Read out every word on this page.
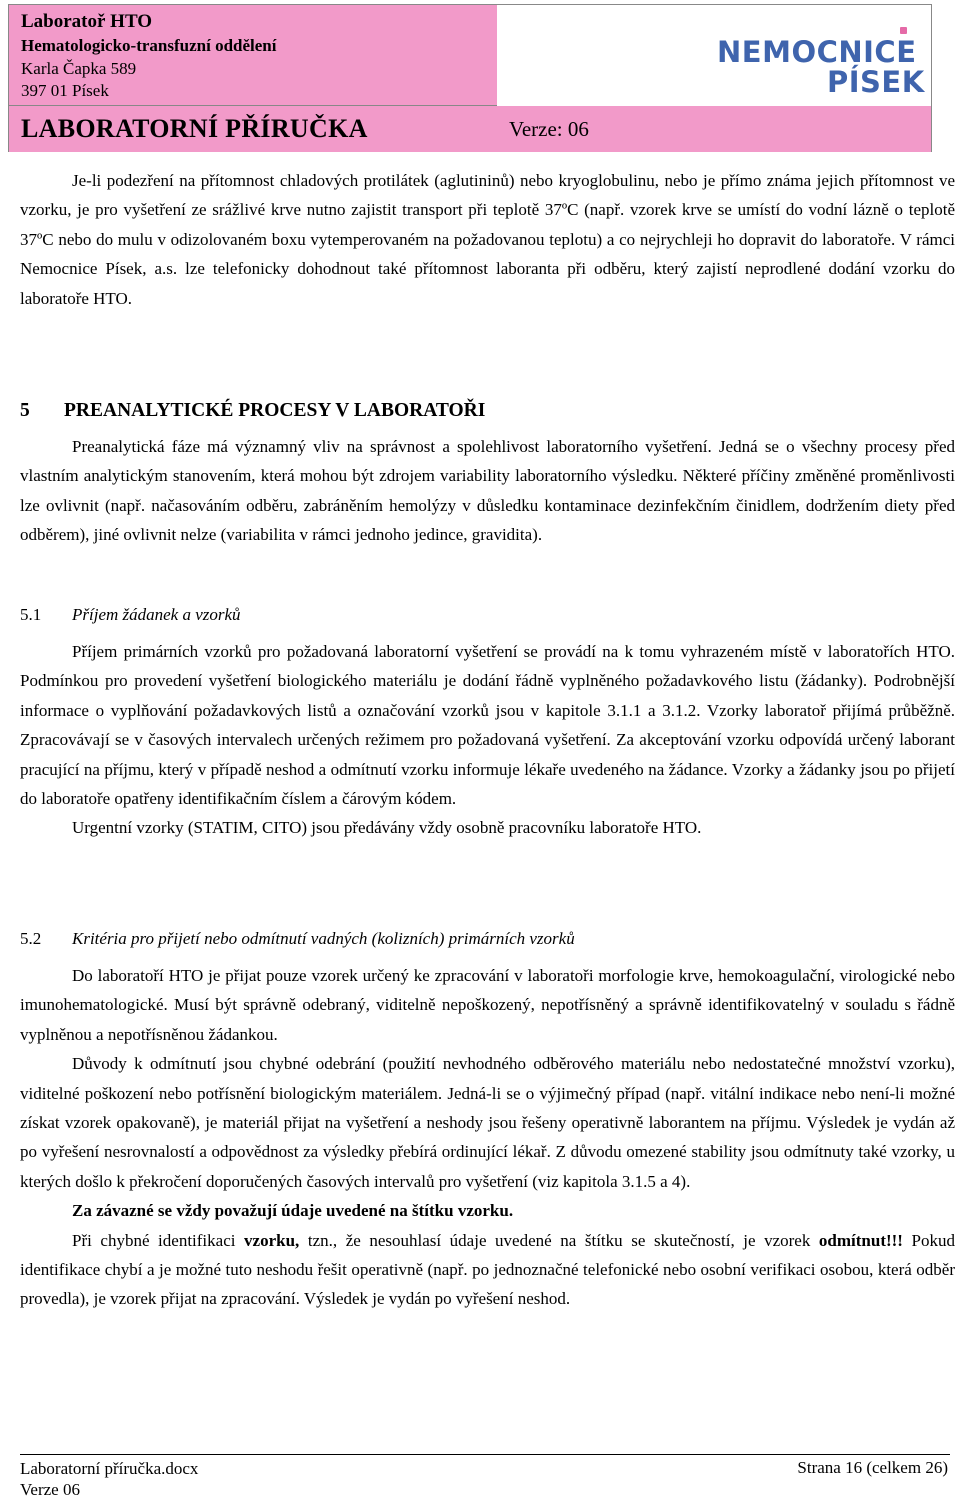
Laboratoř HTO
Hematologicko-transfuzní oddělení
Karla Čapka 589
397 01 Písek
NEMOCNICE
PÍSEK
LABORATORNÍ PŘÍRUČKA	Verze: 06

Je-li podezření na přítomnost chladových protilátek (aglutininů) nebo kryoglobulinu, nebo je přímo známa jejich přítomnost ve vzorku, je pro vyšetření ze srážlivé krve nutno zajistit transport při teplotě 37ºC (např. vzorek krve se umístí do vodní lázně o teplotě 37ºC nebo do mulu v odizolovaném boxu vytemperovaném na požadovanou teplotu) a co nejrychleji ho dopravit do laboratoře. V rámci Nemocnice Písek, a.s. lze telefonicky dohodnout také přítomnost laboranta při odběru, který zajistí neprodlené dodání vzorku do laboratoře HTO.

5 PREANALYTICKÉ PROCESY V LABORATOŘI

Preanalytická fáze má významný vliv na správnost a spolehlivost laboratorního vyšetření. Jedná se o všechny procesy před vlastním analytickým stanovením, která mohou být zdrojem variability laboratorního výsledku. Některé příčiny změněné proměnlivosti lze ovlivnit (např. načasováním odběru, zabráněním hemolýzy v důsledku kontaminace dezinfekčním činidlem, dodržením diety před odběrem), jiné ovlivnit nelze (variabilita v rámci jednoho jedince, gravidita).

5.1 Příjem žádanek a vzorků

Příjem primárních vzorků pro požadovaná laboratorní vyšetření se provádí na k tomu vyhrazeném místě v laboratořích HTO. Podmínkou pro provedení vyšetření biologického materiálu je dodání řádně vyplněného požadavkového listu (žádanky). Podrobnější informace o vyplňování požadavkových listů a označování vzorků jsou v kapitole 3.1.1 a 3.1.2. Vzorky laboratoř přijímá průběžně. Zpracovávají se v časových intervalech určených režimem pro požadovaná vyšetření. Za akceptování vzorku odpovídá určený laborant pracující na příjmu, který v případě neshod a odmítnutí vzorku informuje lékaře uvedeného na žádance. Vzorky a žádanky jsou po přijetí do laboratoře opatřeny identifikačním číslem a čárovým kódem.

Urgentní vzorky (STATIM, CITO) jsou předávány vždy osobně pracovníku laboratoře HTO.

5.2 Kritéria pro přijetí nebo odmítnutí vadných (kolizních) primárních vzorků

Do laboratoří HTO je přijat pouze vzorek určený ke zpracování v laboratoři morfologie krve, hemokoagulační, virologické nebo imunohematologické. Musí být správně odebraný, viditelně nepoškozený, nepotřísněný a správně identifikovatelný v souladu s řádně vyplněnou a nepotřísněnou žádankou.

Důvody k odmítnutí jsou chybné odebrání (použití nevhodného odběrového materiálu nebo nedostatečné množství vzorku), viditelné poškození nebo potřísnění biologickým materiálem. Jedná-li se o výjimečný případ (např. vitální indikace nebo není-li možné získat vzorek opakovaně), je materiál přijat na vyšetření a neshody jsou řešeny operativně laborantem na příjmu. Výsledek je vydán až po vyřešení nesrovnalostí a odpovědnost za výsledky přebírá ordinující lékař. Z důvodu omezené stability jsou odmítnuty také vzorky, u kterých došlo k překročení doporučených časových intervalů pro vyšetření (viz kapitola 3.1.5 a 4).

Za závazné se vždy považují údaje uvedené na štítku vzorku.

Při chybné identifikaci vzorku, tzn., že nesouhlasí údaje uvedené na štítku se skutečností, je vzorek odmítnut!!! Pokud identifikace chybí a je možné tuto neshodu řešit operativně (např. po jednoznačné telefonické nebo osobní verifikaci osobou, která odběr provedla), je vzorek přijat na zpracování. Výsledek je vydán po vyřešení neshod.

Laboratorní příručka.docx
Verze 06
Strana 16 (celkem 26)
